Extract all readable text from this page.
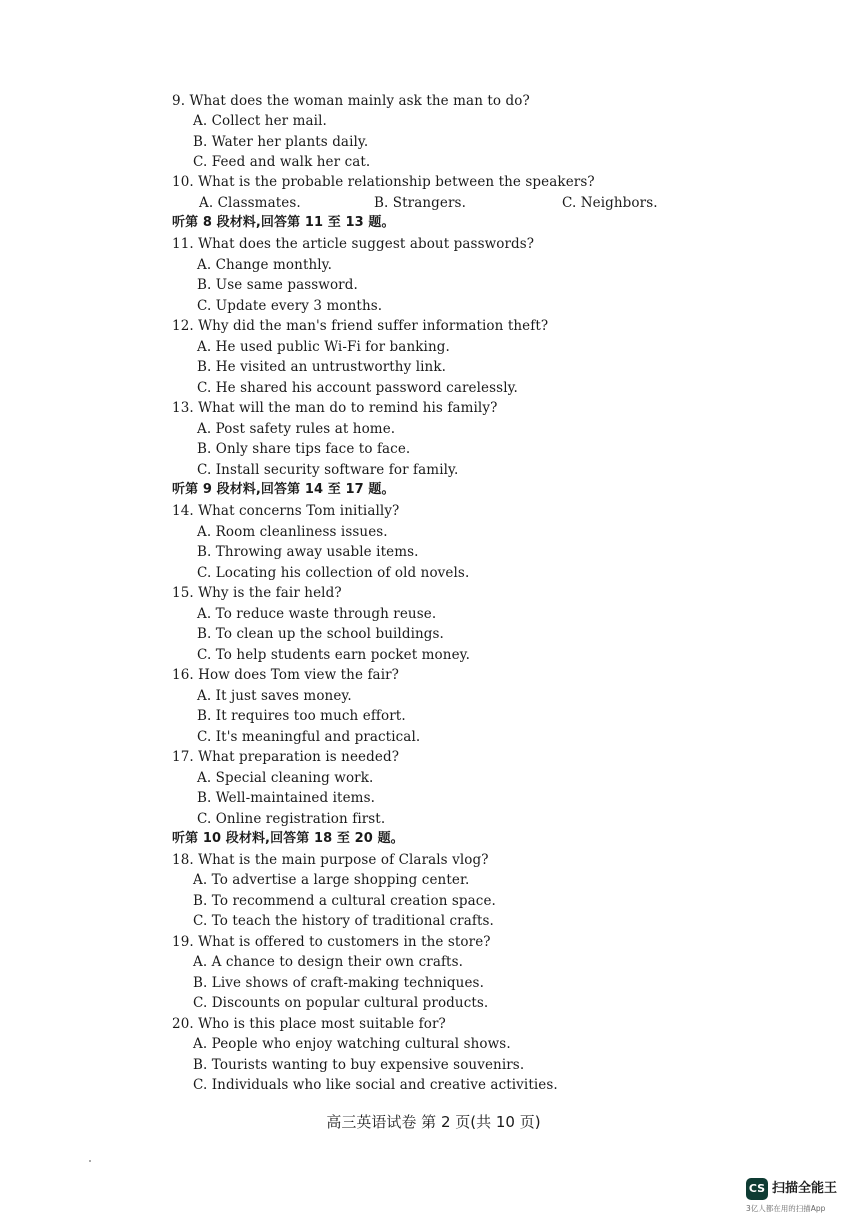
9. What does the woman mainly ask the man to do?
A. Collect her mail.
B. Water her plants daily.
C. Feed and walk her cat.
10. What is the probable relationship between the speakers?
听第 8 段材料,回答第 11 至 13 题。
11. What does the article suggest about passwords?
A. Change monthly.
B. Use same password.
C. Update every 3 months.
12. Why did the man's friend suffer information theft?
A. He used public Wi-Fi for banking.
B. He visited an untrustworthy link.
C. He shared his account password carelessly.
13. What will the man do to remind his family?
A. Post safety rules at home.
B. Only share tips face to face.
C. Install security software for family.
听第 9 段材料,回答第 14 至 17 题。
14. What concerns Tom initially?
A. Room cleanliness issues.
B. Throwing away usable items.
C. Locating his collection of old novels.
15. Why is the fair held?
A. To reduce waste through reuse.
B. To clean up the school buildings.
C. To help students earn pocket money.
16. How does Tom view the fair?
A. It just saves money.
B. It requires too much effort.
C. It's meaningful and practical.
17. What preparation is needed?
A. Special cleaning work.
B. Well-maintained items.
C. Online registration first.
听第 10 段材料,回答第 18 至 20 题。
18. What is the main purpose of Clarals vlog?
A. To advertise a large shopping center.
B. To recommend a cultural creation space.
C. To teach the history of traditional crafts.
19. What is offered to customers in the store?
A. A chance to design their own crafts.
B. Live shows of craft-making techniques.
C. Discounts on popular cultural products.
20. Who is this place most suitable for?
A. People who enjoy watching cultural shows.
B. Tourists wanting to buy expensive souvenirs.
C. Individuals who like social and creative activities.
A. Classmates.	B. Strangers.	C. Neighbors.
高三英语试卷 第 2 页(共 10 页)
CS 扫描全能王
3亿人都在用的扫描App
